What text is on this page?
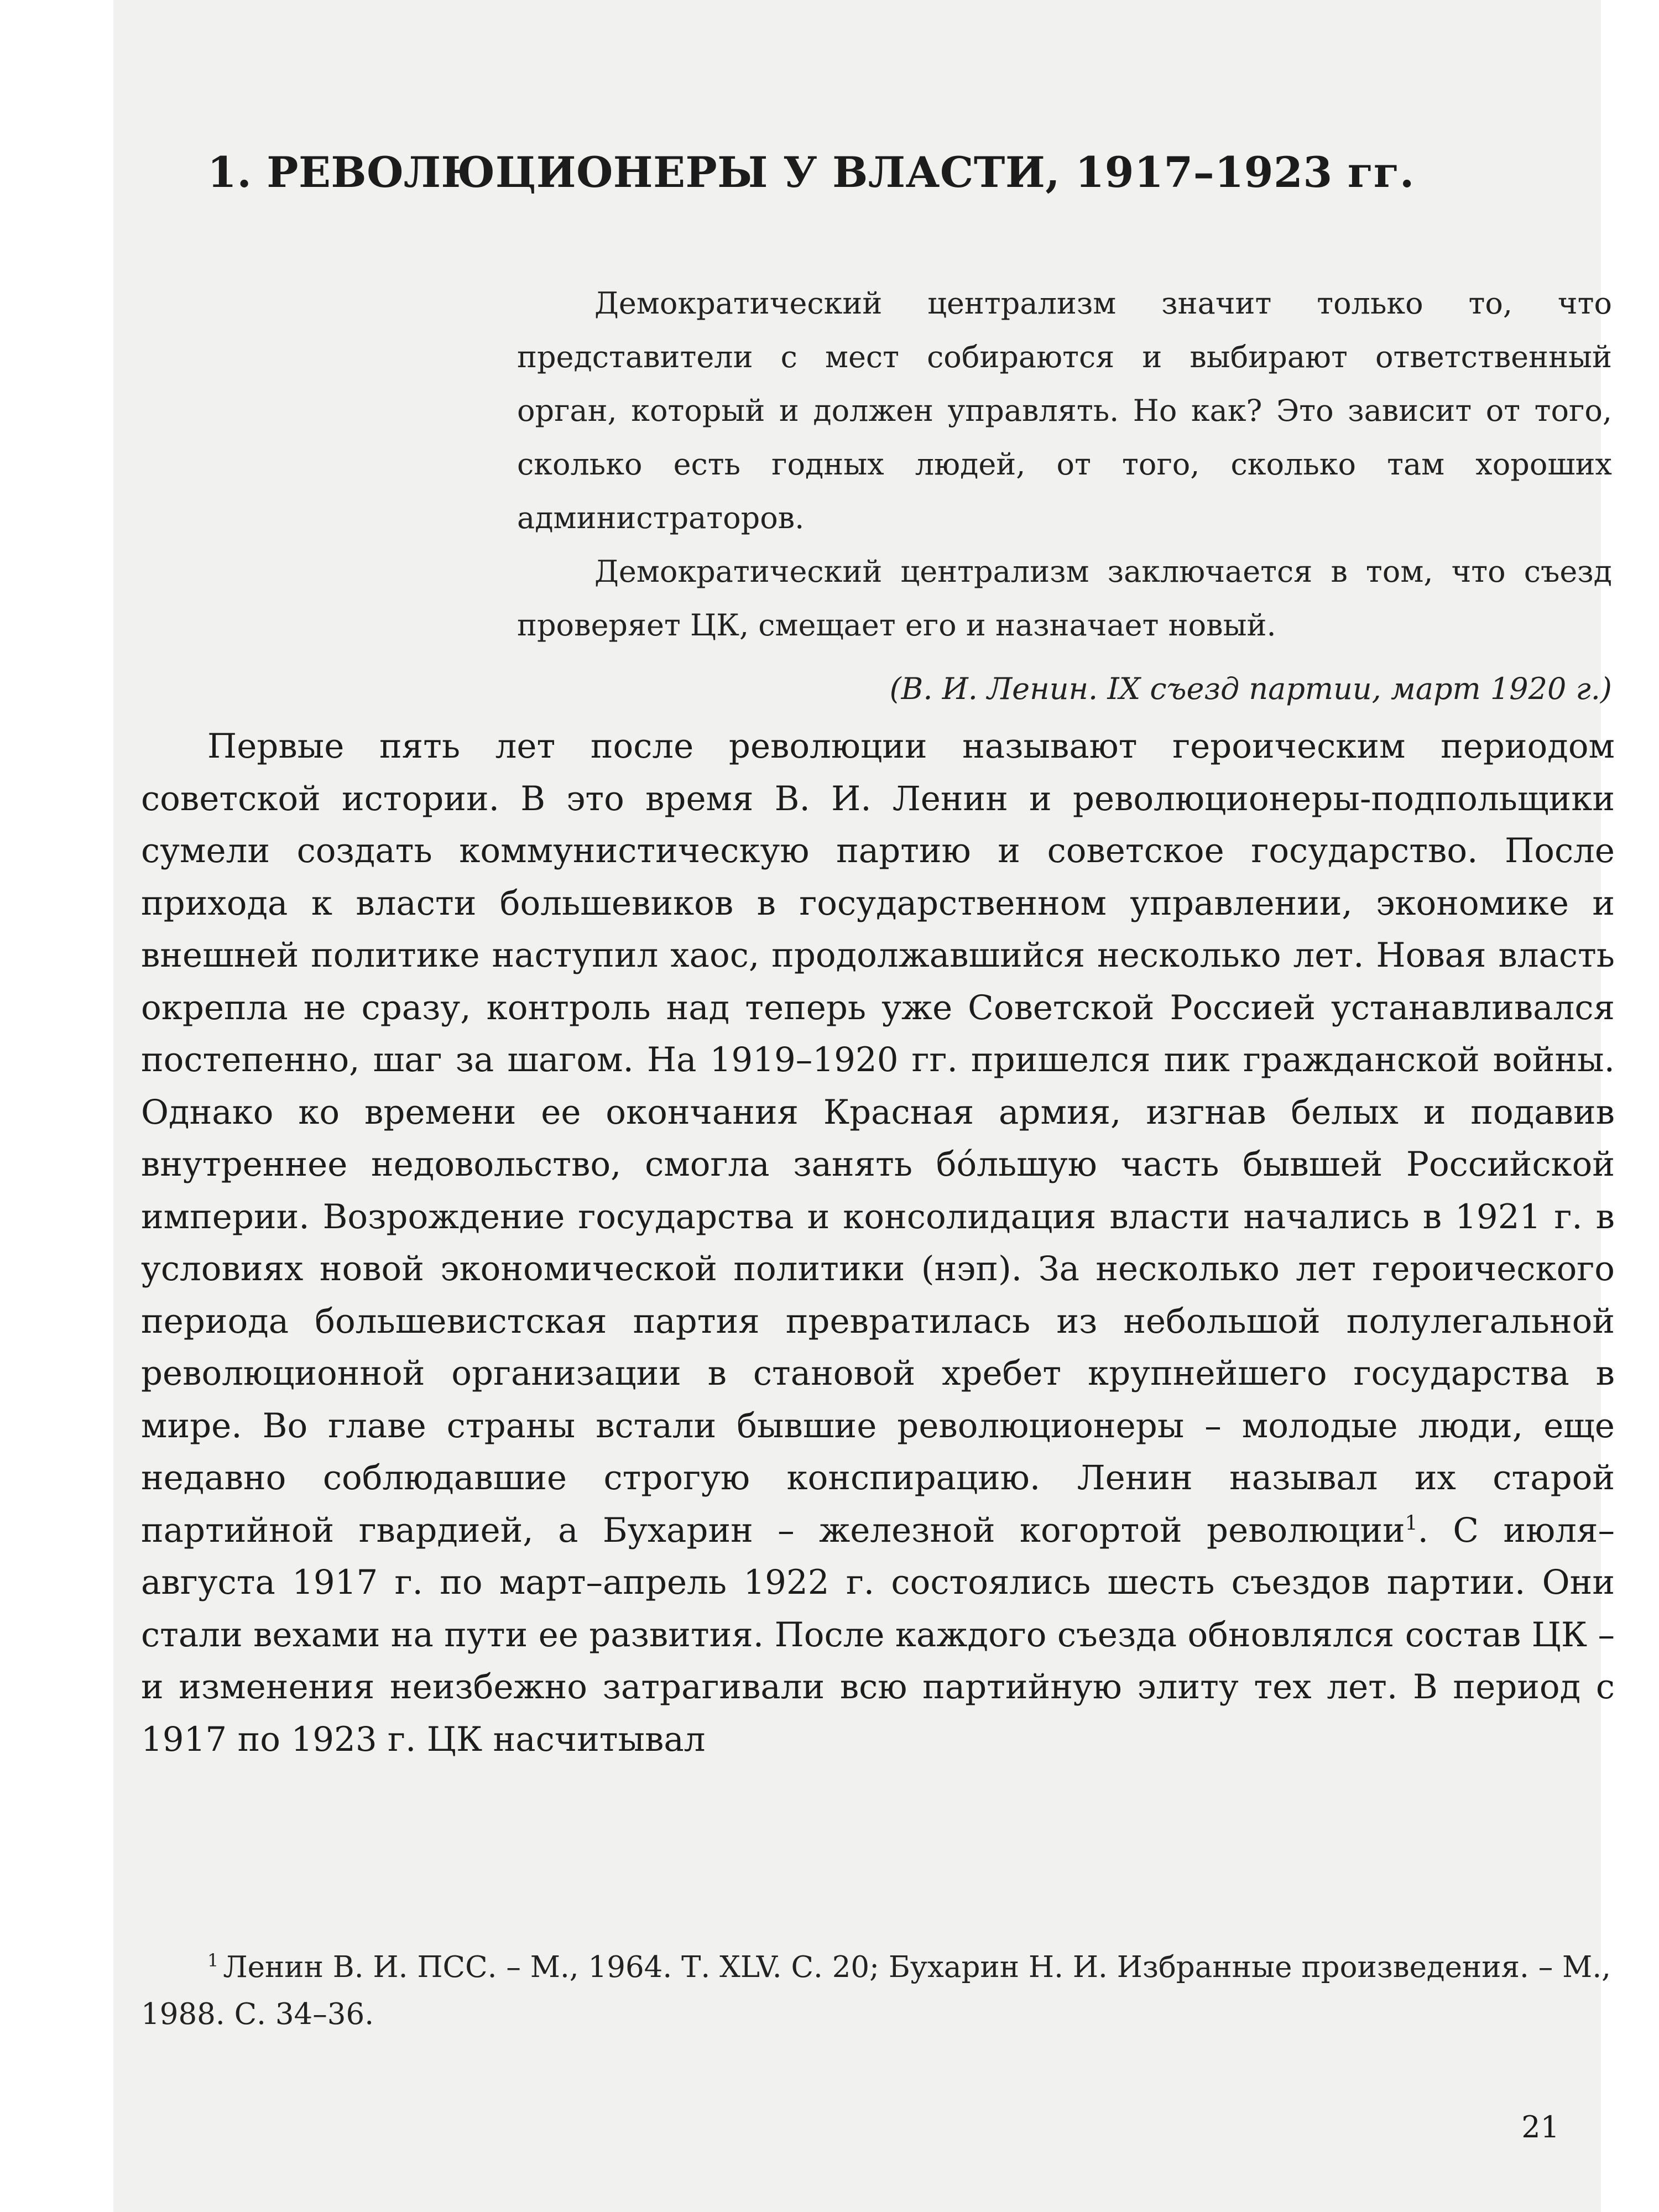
1. РЕВОЛЮЦИОНЕРЫ У ВЛАСТИ, 1917–1923 гг.

Демократический централизм значит только то, что представители с мест собираются и выбирают ответственный орган, который и должен управлять. Но как? Это зависит от того, сколько есть годных людей, от того, сколько там хороших администраторов.

Демократический централизм заключается в том, что съезд проверяет ЦК, смещает его и назначает новый.

(В. И. Ленин. IX съезд партии, март 1920 г.)

Первые пять лет после революции называют героическим периодом советской истории. В это время В. И. Ленин и революционеры-подпольщики сумели создать коммунистическую партию и советское государство. После прихода к власти большевиков в государственном управлении, экономике и внешней политике наступил хаос, продолжавшийся несколько лет. Новая власть окрепла не сразу, контроль над теперь уже Советской Россией устанавливался постепенно, шаг за шагом. На 1919–1920 гг. пришелся пик гражданской войны. Однако ко времени ее окончания Красная армия, изгнав белых и подавив внутреннее недовольство, смогла занять бóльшую часть бывшей Российской империи. Возрождение государства и консолидация власти начались в 1921 г. в условиях новой экономической политики (нэп). За несколько лет героического периода большевистская партия превратилась из небольшой полулегальной революционной организации в становой хребет крупнейшего государства в мире. Во главе страны встали бывшие революционеры – молодые люди, еще недавно соблюдавшие строгую конспирацию. Ленин называл их старой партийной гвардией, а Бухарин – железной когортой революции$^1$. С июля–августа 1917 г. по март–апрель 1922 г. состоялись шесть съездов партии. Они стали вехами на пути ее развития. После каждого съезда обновлялся состав ЦК – и изменения неизбежно затрагивали всю партийную элиту тех лет. В период с 1917 по 1923 г. ЦК насчитывал

$^1$ Ленин В. И. ПСС. – М., 1964. Т. XLV. С. 20; Бухарин Н. И. Избранные произведения. – М., 1988. С. 34–36.

21
